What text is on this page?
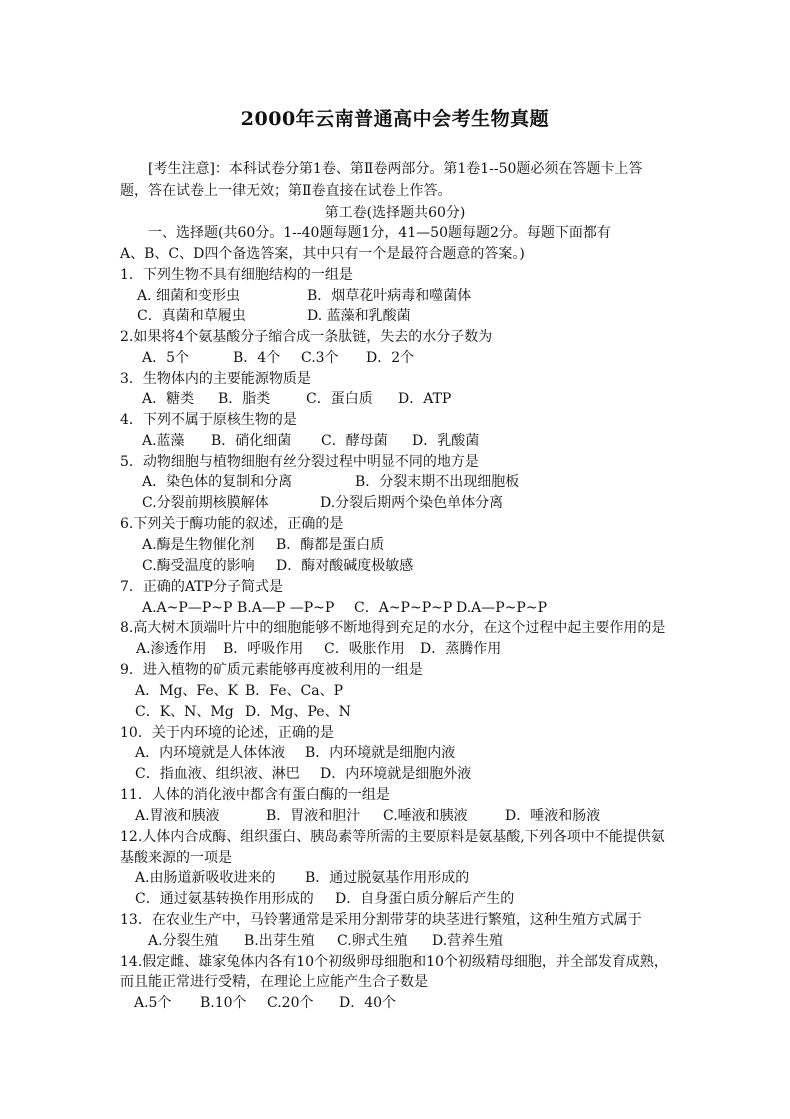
2000年云南普通高中会考生物真题
[考生注意]：本科试卷分第1卷、第Ⅱ卷两部分。第1卷1--50题必须在答题卡上答题，答在试卷上一律无效；第Ⅱ卷直接在试卷上作答。
第工卷(选择题共60分)
一、选择题(共60分。1--40题每题1分，41—50题每题2分。每题下面都有
A、B、C、D四个备选答案，其中只有一个是最符合题意的答案。)
1．下列生物不具有细胞结构的一组是
A. 细菌和变形虫	B．烟草花叶病毒和噬菌体
C．真菌和草履虫	D. 蓝藻和乳酸菌
2.如果将4个氨基酸分子缩合成一条肽链，失去的水分子数为
A．5个	B．4个 C.3个 D．2个
3．生物体内的主要能源物质是
A．糖类 B．脂类	C．蛋白质 D．ATP
4．下列不属于原核生物的是
A.蓝藻 B．硝化细菌 C．酵母菌 D．乳酸菌
5．动物细胞与植物细胞有丝分裂过程中明显不同的地方是
A．染色体的复制和分离	B．分裂末期不出现细胞板
C.分裂前期核膜解体	D.分裂后期两个染色单体分离
6.下列关于酶功能的叙述，正确的是
A.酶是生物催化剂 B．酶都是蛋白质
C.酶受温度的影响 D．酶对酸碱度极敏感
7．正确的ATP分子简式是
A.A~P—P~P B.A—P —P~P C．A~P~P~P D.A—P~P~P
8.高大树木顶端叶片中的细胞能够不断地得到充足的水分，在这个过程中起主要作用的是
A.渗透作用 B．呼吸作用 C．吸胀作用 D．蒸腾作用
9．进入植物的矿质元素能够再度被利用的一组是
A．Mg、Fe、K B．Fe、Ca、P
C．K、N、Mg D．Mg、Pe、N
10．关于内环境的论述，正确的是
A．内环境就是人体体液 B．内环境就是细胞内液
C．指血液、组织液、淋巴 D．内环境就是细胞外液
11．人体的消化液中都含有蛋白酶的一组是
A.胃液和胰液	B．胃液和胆汁 C.唾液和胰液	D．唾液和肠液
12.人体内合成酶、组织蛋白、胰岛素等所需的主要原料是氨基酸,下列各项中不能提供氨
基酸来源的一项是
A.由肠道新吸收进来的 B．通过脱氨基作用形成的
C．通过氨基转换作用形成的 D．自身蛋白质分解后产生的
13．在农业生产中，马铃薯通常是采用分割带芽的块茎进行繁殖，这种生殖方式属于
A.分裂生殖 B.出芽生殖 C.卵式生殖 D.营养生殖
14.假定雌、雄家兔体内各有10个初级卵母细胞和10个初级精母细胞，并全部发育成熟，
而且能正常进行受精，在理论上应能产生合子数是
A.5个 B.10个 C.20个 D．40个
